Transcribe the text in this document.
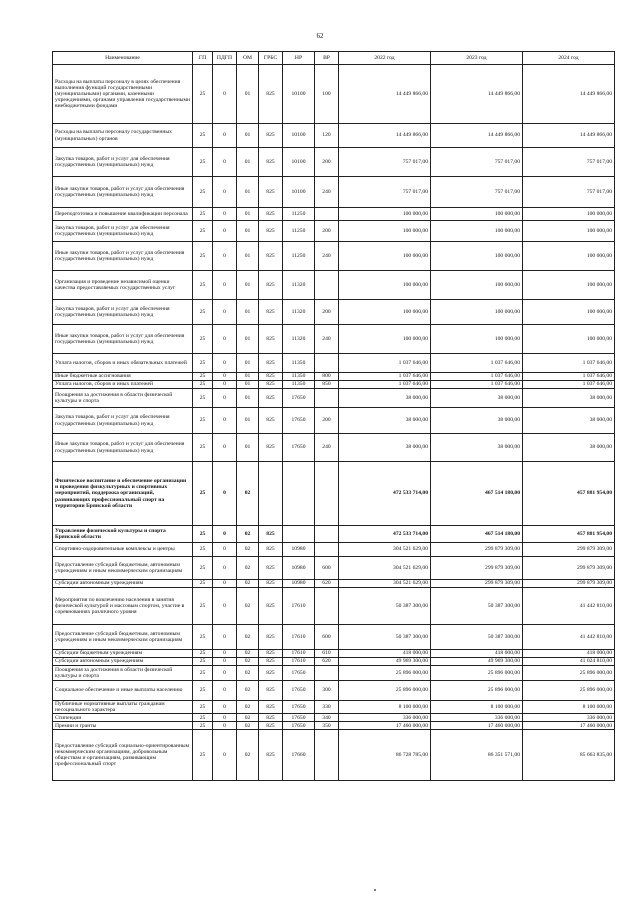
62
Наименование	ГП	ПДГП	ОМ	ГРБС	НР	ВР	2022 год	2023 год	2024 год
Расходы на выплаты персоналу в целях обеспечения выполнения функций государственными (муниципальными) органами, казенными учреждениями, органами управления государственными внебюджетными фондами	25	0	01	825	10100	100	14 449 866,00	14 449 866,00	14 449 866,00
Расходы на выплаты персоналу государственных (муниципальных) органов	25	0	01	825	10100	120	14 449 866,00	14 449 866,00	14 449 866,00
Закупка товаров, работ и услуг для обеспечения государственных (муниципальных) нужд	25	0	01	825	10100	200	757 017,00	757 017,00	757 017,00
Иные закупки товаров, работ и услуг для обеспечения государственных (муниципальных) нужд	25	0	01	825	10100	240	757 017,00	757 017,00	757 017,00
Переподготовка и повышение квалификации персонала	25	0	01	825	11250		100 000,00	100 000,00	100 000,00
Закупка товаров, работ и услуг для обеспечения государственных (муниципальных) нужд	25	0	01	825	11250	200	100 000,00	100 000,00	100 000,00
Иные закупки товаров, работ и услуг для обеспечения государственных (муниципальных) нужд	25	0	01	825	11250	240	100 000,00	100 000,00	100 000,00
Организация и проведение независимой оценки качества предоставляемых государственных услуг	25	0	01	825	11320		100 000,00	100 000,00	100 000,00
Закупка товаров, работ и услуг для обеспечения государственных (муниципальных) нужд	25	0	01	825	11320	200	100 000,00	100 000,00	100 000,00
Иные закупки товаров, работ и услуг для обеспечения государственных (муниципальных) нужд	25	0	01	825	11320	240	100 000,00	100 000,00	100 000,00
Уплата налогов, сборов и иных обязательных платежей	25	0	01	825	11350		1 037 646,00	1 037 646,00	1 037 646,00
Иные бюджетные ассигнования	25	0	01	825	11350	800	1 037 646,00	1 037 646,00	1 037 646,00
Уплата налогов, сборов и иных платежей	25	0	01	825	11350	850	1 037 646,00	1 037 646,00	1 037 646,00
Поощрения за достижения в области физической культуры и спорта	25	0	01	825	17650		38 000,00	38 000,00	38 000,00
Закупка товаров, работ и услуг для обеспечения государственных (муниципальных) нужд	25	0	01	825	17650	200	38 000,00	38 000,00	38 000,00
Иные закупки товаров, работ и услуг для обеспечения государственных (муниципальных) нужд	25	0	01	825	17650	240	38 000,00	38 000,00	38 000,00
Физическое воспитание и обеспечение организации и проведения физкультурных и спортивных мероприятий, поддержка организаций, развивающих профессиональный спорт на территории Брянской области	25	0	02				472 533 714,00	467 514 180,00	457 881 954,00
Управление физической культуры и спорта Брянской области	25	0	02	825			472 533 714,00	467 514 180,00	457 881 954,00
Спортивно-оздоровительные комплексы и центры	25	0	02	825	10980		304 521 629,00	299 879 309,00	299 879 309,00
Предоставление субсидий бюджетным, автономным учреждениям и иным некоммерческим организациям	25	0	02	825	10980	600	304 521 629,00	299 879 309,00	299 879 309,00
Субсидии автономным учреждениям	25	0	02	825	10980	620	304 521 629,00	299 879 309,00	299 879 309,00
Мероприятия по вовлечению населения в занятия физической культурой и массовым спортом, участие в соревнованиях различного уровня	25	0	02	825	17610		50 387 300,00	50 387 300,00	41 442 810,00
Предоставление субсидий бюджетным, автономным учреждениям и иным некоммерческим организациям	25	0	02	825	17610	600	50 387 300,00	50 387 300,00	41 442 810,00
Субсидии бюджетным учреждениям	25	0	02	825	17610	610	418 000,00	418 000,00	418 000,00
Субсидии автономным учреждениям	25	0	02	825	17610	620	49 969 300,00	49 969 300,00	41 024 810,00
Поощрения за достижения в области физической культуры и спорта	25	0	02	825	17650		25 896 000,00	25 896 000,00	25 896 000,00
Социальное обеспечение и иные выплаты населению	25	0	02	825	17650	300	25 896 000,00	25 896 000,00	25 896 000,00
Публичные нормативные выплаты гражданам несоциального характера	25	0	02	825	17650	330	8 100 000,00	8 100 000,00	8 100 000,00
Стипендии	25	0	02	825	17650	340	336 000,00	336 000,00	336 000,00
Премии и гранты	25	0	02	825	17650	350	17 460 000,00	17 460 000,00	17 460 000,00
Предоставление субсидий социально-ориентированным некоммерческим организациям, добровольным обществам и организациям, развивающим профессиональный спорт	25	0	02	825	17660		86 728 785,00	86 351 571,00	85 663 835,00
